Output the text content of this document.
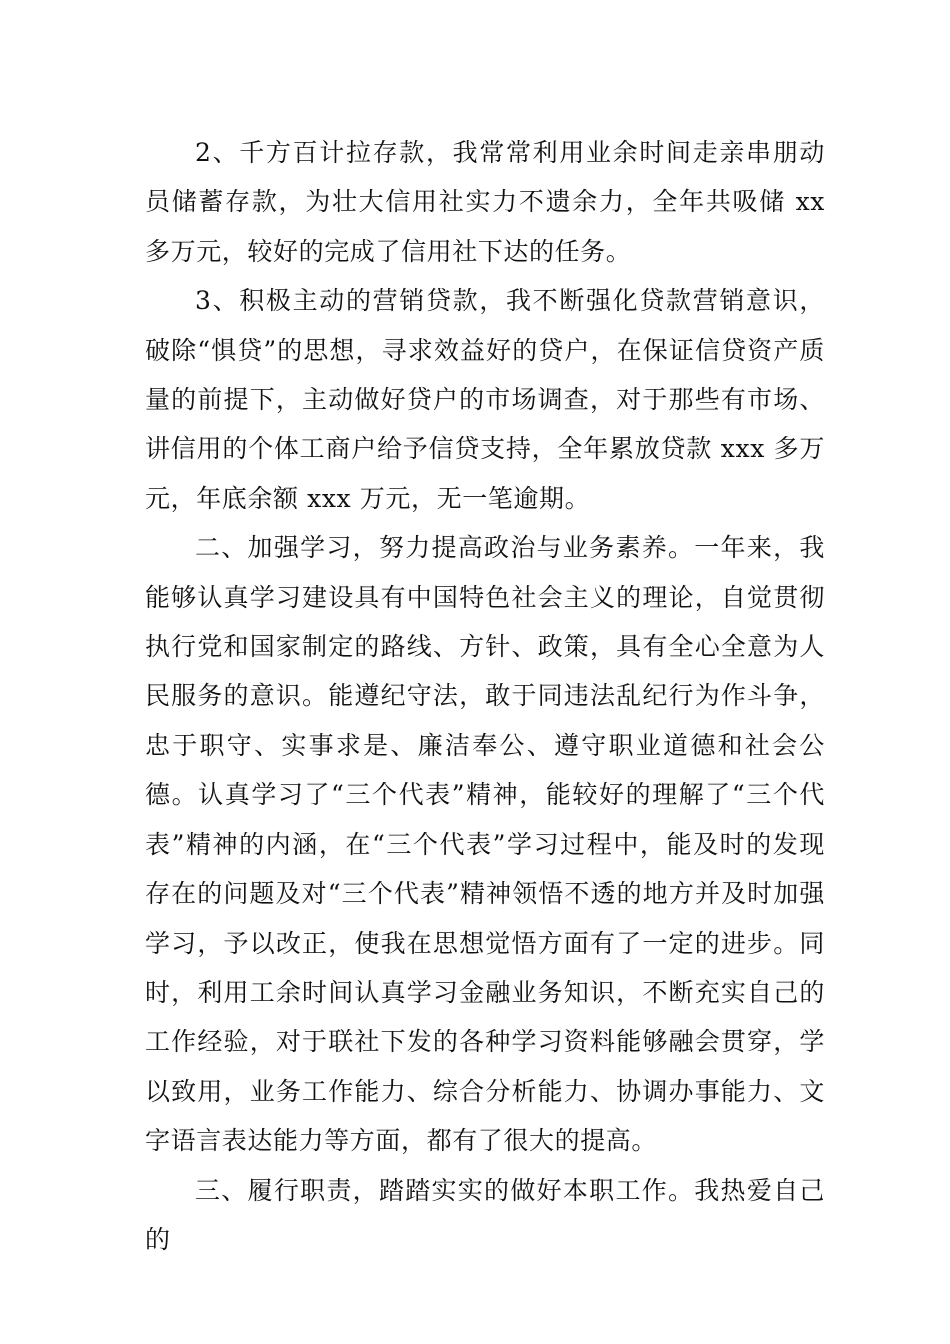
2、千方百计拉存款，我常常利用业余时间走亲串朋动员储蓄存款，为壮大信用社实力不遗余力，全年共吸储 xx 多万元，较好的完成了信用社下达的任务。

3、积极主动的营销贷款，我不断强化贷款营销意识，破除“惧贷”的思想，寻求效益好的贷户，在保证信贷资产质量的前提下，主动做好贷户的市场调查，对于那些有市场、讲信用的个体工商户给予信贷支持，全年累放贷款 xxx 多万元，年底余额 xxx 万元，无一笔逾期。

二、加强学习，努力提高政治与业务素养。一年来，我能够认真学习建设具有中国特色社会主义的理论，自觉贯彻执行党和国家制定的路线、方针、政策，具有全心全意为人民服务的意识。能遵纪守法，敢于同违法乱纪行为作斗争，忠于职守、实事求是、廉洁奉公、遵守职业道德和社会公德。认真学习了“三个代表”精神，能较好的理解了“三个代表”精神的内涵，在“三个代表”学习过程中，能及时的发现存在的问题及对“三个代表”精神领悟不透的地方并及时加强学习，予以改正，使我在思想觉悟方面有了一定的进步。同时，利用工余时间认真学习金融业务知识，不断充实自己的工作经验，对于联社下发的各种学习资料能够融会贯穿，学以致用，业务工作能力、综合分析能力、协调办事能力、文字语言表达能力等方面，都有了很大的提高。

三、履行职责，踏踏实实的做好本职工作。我热爱自己的
